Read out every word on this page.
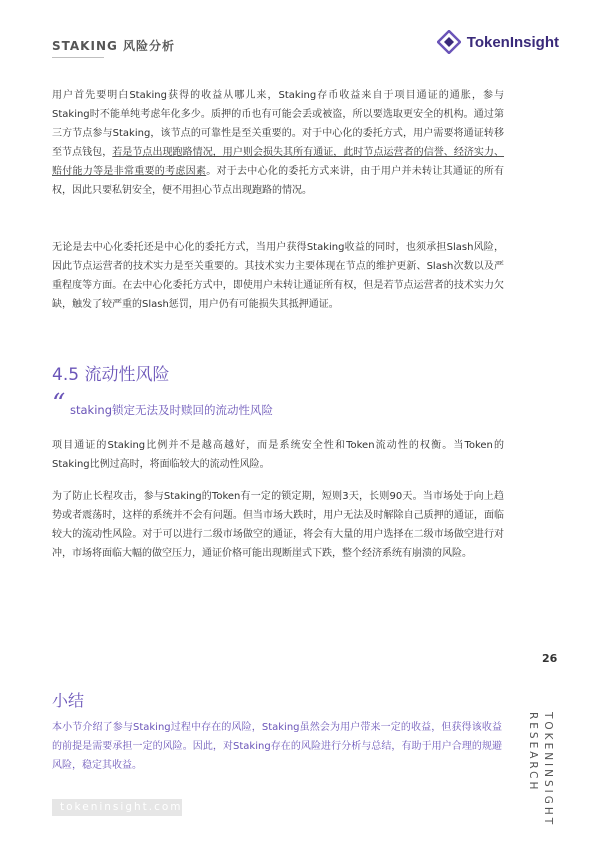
STAKING 风险分析	TokenInsight

用户首先要明白Staking获得的收益从哪儿来，Staking存币收益来自于项目通证的通胀，参与Staking时不能单纯考虑年化多少。质押的币也有可能会丢或被盗，所以要选取更安全的机构。通过第三方节点参与Staking，该节点的可靠性是至关重要的。对于中心化的委托方式，用户需要将通证转移至节点钱包，若是节点出现跑路情况，用户则会损失其所有通证，此时节点运营者的信誉、经济实力、赔付能力等是非常重要的考虑因素。对于去中心化的委托方式来讲，由于用户并未转让其通证的所有权，因此只要私钥安全，便不用担心节点出现跑路的情况。

无论是去中心化委托还是中心化的委托方式，当用户获得Staking收益的同时，也须承担Slash风险，因此节点运营者的技术实力是至关重要的。其技术实力主要体现在节点的维护更新、Slash次数以及严重程度等方面。在去中心化委托方式中，即使用户未转让通证所有权，但是若节点运营者的技术实力欠缺，触发了较严重的Slash惩罚，用户仍有可能损失其抵押通证。

4.5 流动性风险
“ staking锁定无法及时赎回的流动性风险

项目通证的Staking比例并不是越高越好，而是系统安全性和Token流动性的权衡。当Token的Staking比例过高时，将面临较大的流动性风险。

为了防止长程攻击，参与Staking的Token有一定的锁定期，短则3天，长则90天。当市场处于向上趋势或者震荡时，这样的系统并不会有问题。但当市场大跌时，用户无法及时解除自己质押的通证，面临较大的流动性风险。对于可以进行二级市场做空的通证，将会有大量的用户选择在二级市场做空进行对冲，市场将面临大幅的做空压力，通证价格可能出现断崖式下跌，整个经济系统有崩溃的风险。

26
小结

本小节介绍了参与Staking过程中存在的风险，Staking虽然会为用户带来一定的收益，但获得该收益的前提是需要承担一定的风险。因此，对Staking存在的风险进行分析与总结，有助于用户合理的规避风险，稳定其收益。	TOKENINSIGHT
RESEARCH
tokeninsight.com
